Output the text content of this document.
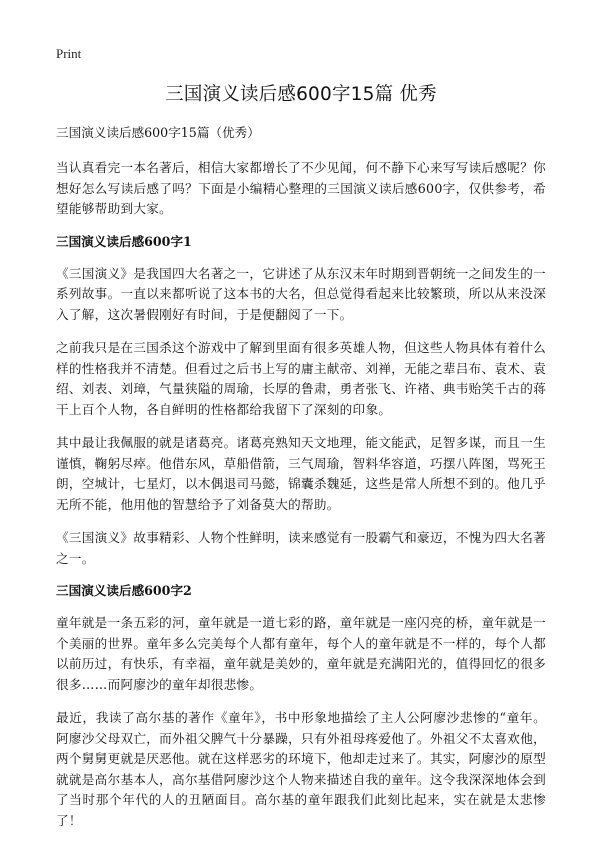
Print
三国演义读后感600字15篇 优秀
三国演义读后感600字15篇（优秀）

当认真看完一本名著后，相信大家都增长了不少见闻，何不静下心来写写读后感呢？你想好怎么写读后感了吗？下面是小编精心整理的三国演义读后感600字，仅供参考，希望能够帮助到大家。

三国演义读后感600字1

《三国演义》是我国四大名著之一，它讲述了从东汉末年时期到晋朝统一之间发生的一系列故事。一直以来都听说了这本书的大名，但总觉得看起来比较繁琐，所以从来没深入了解，这次暑假刚好有时间，于是便翻阅了一下。

之前我只是在三国杀这个游戏中了解到里面有很多英雄人物，但这些人物具体有着什么样的性格我并不清楚。但看过之后书上写的庸主献帝、刘禅，无能之辈吕布、袁术、袁绍、刘表、刘璋，气量狭隘的周瑜，长厚的鲁肃，勇者张飞、许褚、典韦贻笑千古的蒋干上百个人物，各自鲜明的性格都给我留下了深刻的印象。

其中最让我佩服的就是诸葛亮。诸葛亮熟知天文地理，能文能武，足智多谋，而且一生谨慎，鞠躬尽瘁。他借东风，草船借箭，三气周瑜，智料华容道，巧摆八阵图，骂死王朗，空城计，七星灯，以木偶退司马懿，锦囊杀魏延，这些是常人所想不到的。他几乎无所不能，他用他的智慧给予了刘备莫大的帮助。

《三国演义》故事精彩、人物个性鲜明，读来感觉有一股霸气和豪迈，不愧为四大名著之一。

三国演义读后感600字2

童年就是一条五彩的河，童年就是一道七彩的路，童年就是一座闪亮的桥，童年就是一个美丽的世界。童年多么完美每个人都有童年，每个人的童年就是不一样的，每个人都以前历过，有快乐，有幸福，童年就是美妙的，童年就是充满阳光的，值得回忆的很多很多……而阿廖沙的童年却很悲惨。

最近，我读了高尔基的著作《童年》，书中形象地描绘了主人公阿廖沙悲惨的“童年。阿廖沙父母双亡，而外祖父脾气十分暴躁，只有外祖母疼爱他了。外祖父不太喜欢他，两个舅舅更就是厌恶他。就在这样恶劣的环境下，他却走过来了。其实，阿廖沙的原型就就是高尔基本人，高尔基借阿廖沙这个人物来描述自我的童年。这令我深深地体会到了当时那个年代的人的丑陋面目。高尔基的童年跟我们此刻比起来，实在就是太悲惨了！
